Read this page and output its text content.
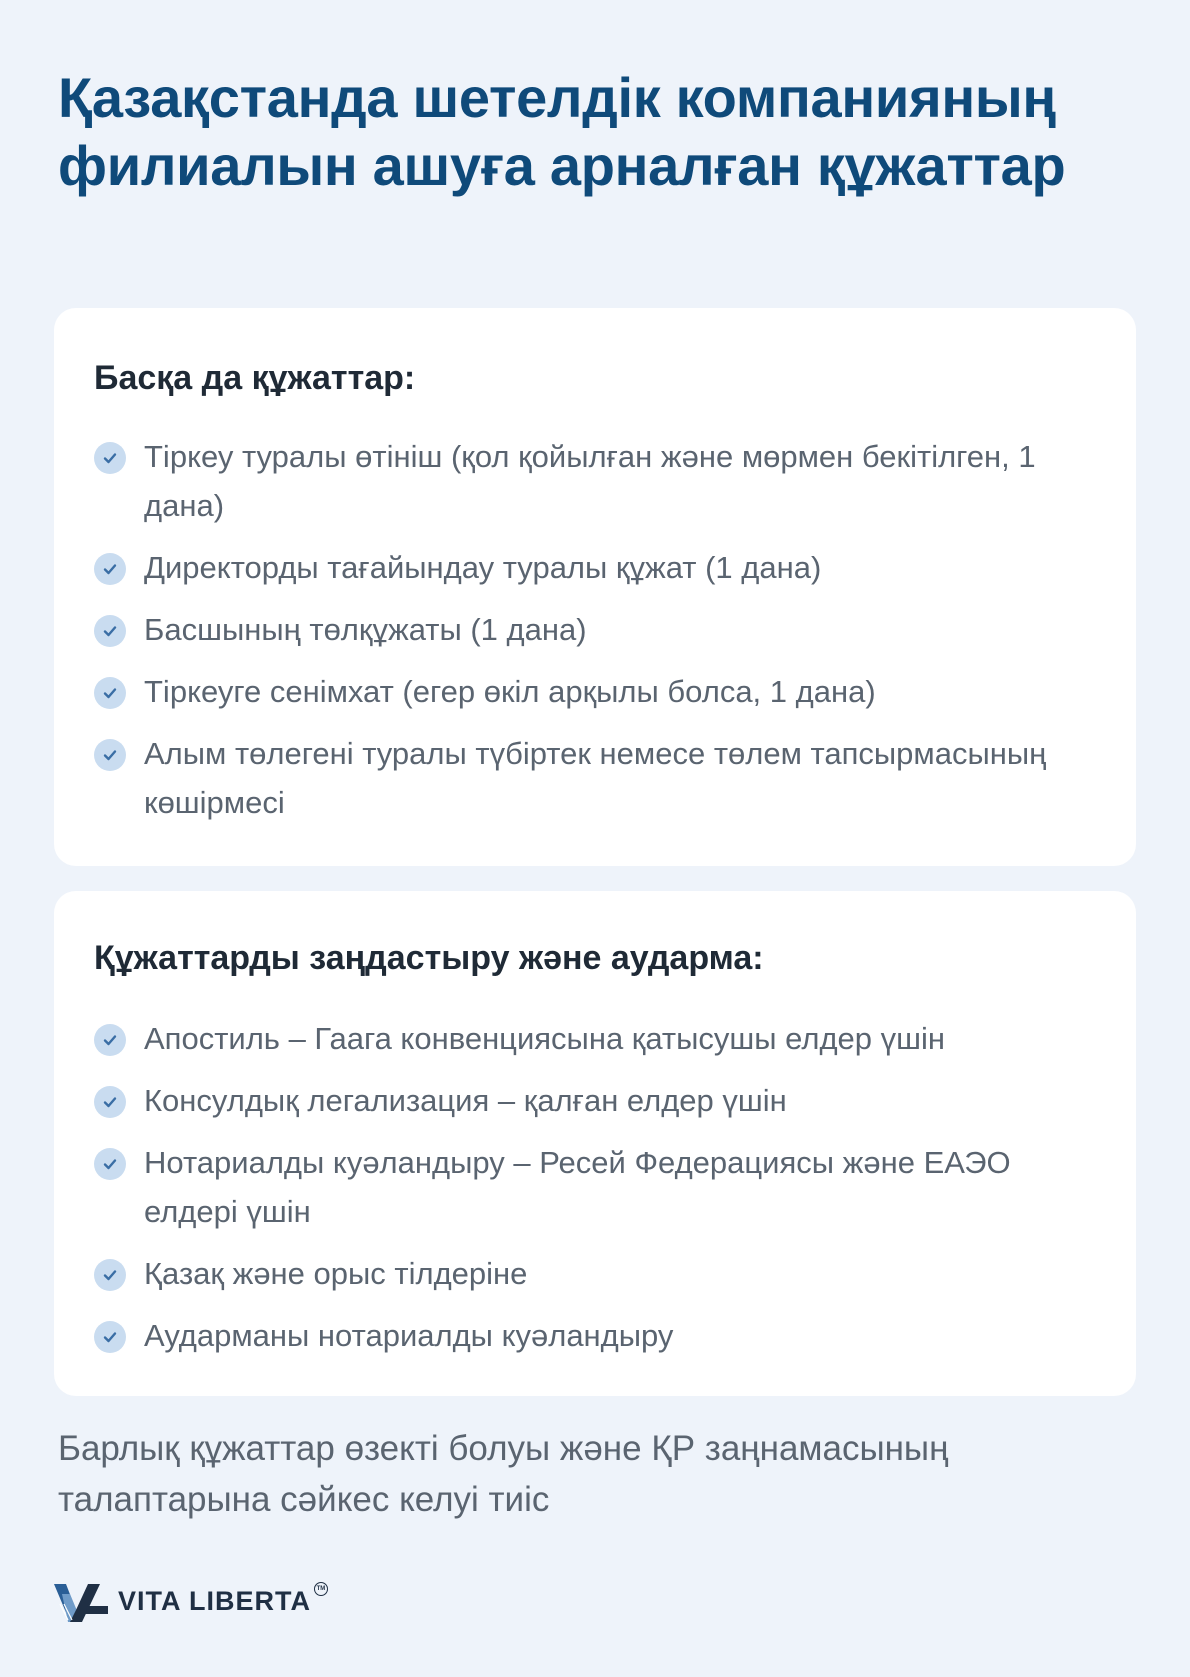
Қазақстанда шетелдік компанияның филиалын ашуға арналған құжаттар
Басқа да құжаттар:
Тіркеу туралы өтініш (қол қойылған және мөрмен бекітілген, 1 дана)
Директорды тағайындау туралы құжат (1 дана)
Басшының төлқұжаты (1 дана)
Тіркеуге сенімхат (егер өкіл арқылы болса, 1 дана)
Алым төлегені туралы түбіртек немесе төлем тапсырмасының көшірмесі
Құжаттарды заңдастыру және аударма:
Апостиль – Гаага конвенциясына қатысушы елдер үшін
Консулдық легализация – қалған елдер үшін
Нотариалды куәландыру – Ресей Федерациясы және ЕАЭО елдері үшін
Қазақ және орыс тілдеріне
Аударманы нотариалды куәландыру

Барлық құжаттар өзекті болуы және ҚР заңнамасының талаптарына сәйкес келуі тиіс

VITA LIBERTA TM
